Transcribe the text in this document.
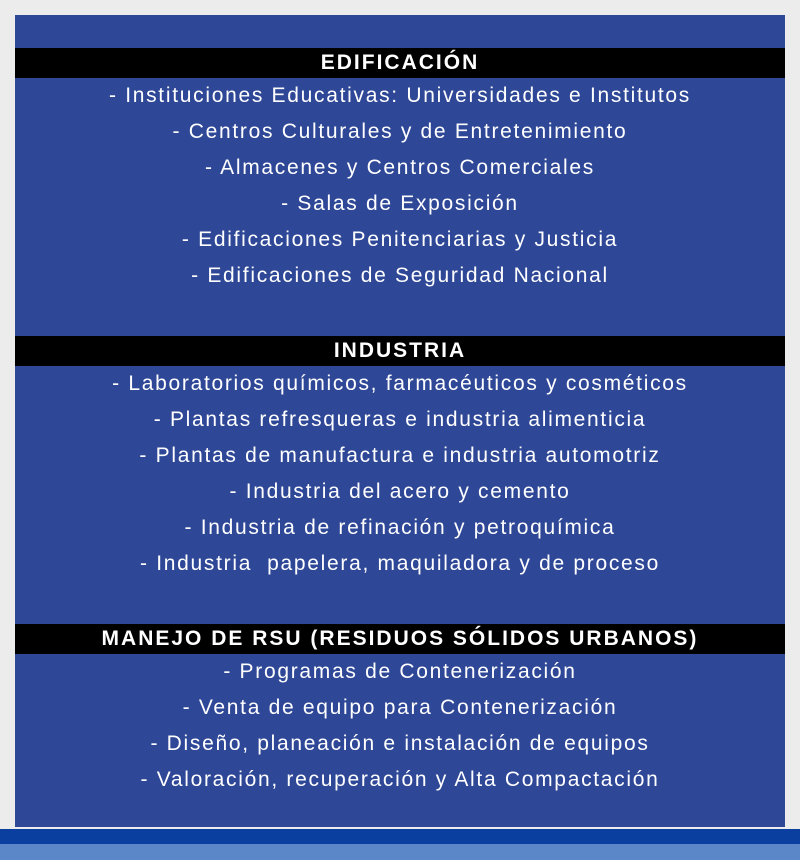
EDIFICACIÓN
- Instituciones Educativas: Universidades e Institutos
- Centros Culturales y de Entretenimiento
- Almacenes y Centros Comerciales
- Salas de Exposición
- Edificaciones Penitenciarias y Justicia
- Edificaciones de Seguridad Nacional
INDUSTRIA
- Laboratorios químicos, farmacéuticos y cosméticos
- Plantas refresqueras e industria alimenticia
- Plantas de manufactura e industria automotriz
- Industria del acero y cemento
- Industria de refinación y petroquímica
- Industria  papelera, maquiladora y de proceso
MANEJO DE RSU (RESIDUOS SÓLIDOS URBANOS)
- Programas de Contenerización
- Venta de equipo para Contenerización
- Diseño, planeación e instalación de equipos
- Valoración, recuperación y Alta Compactación
